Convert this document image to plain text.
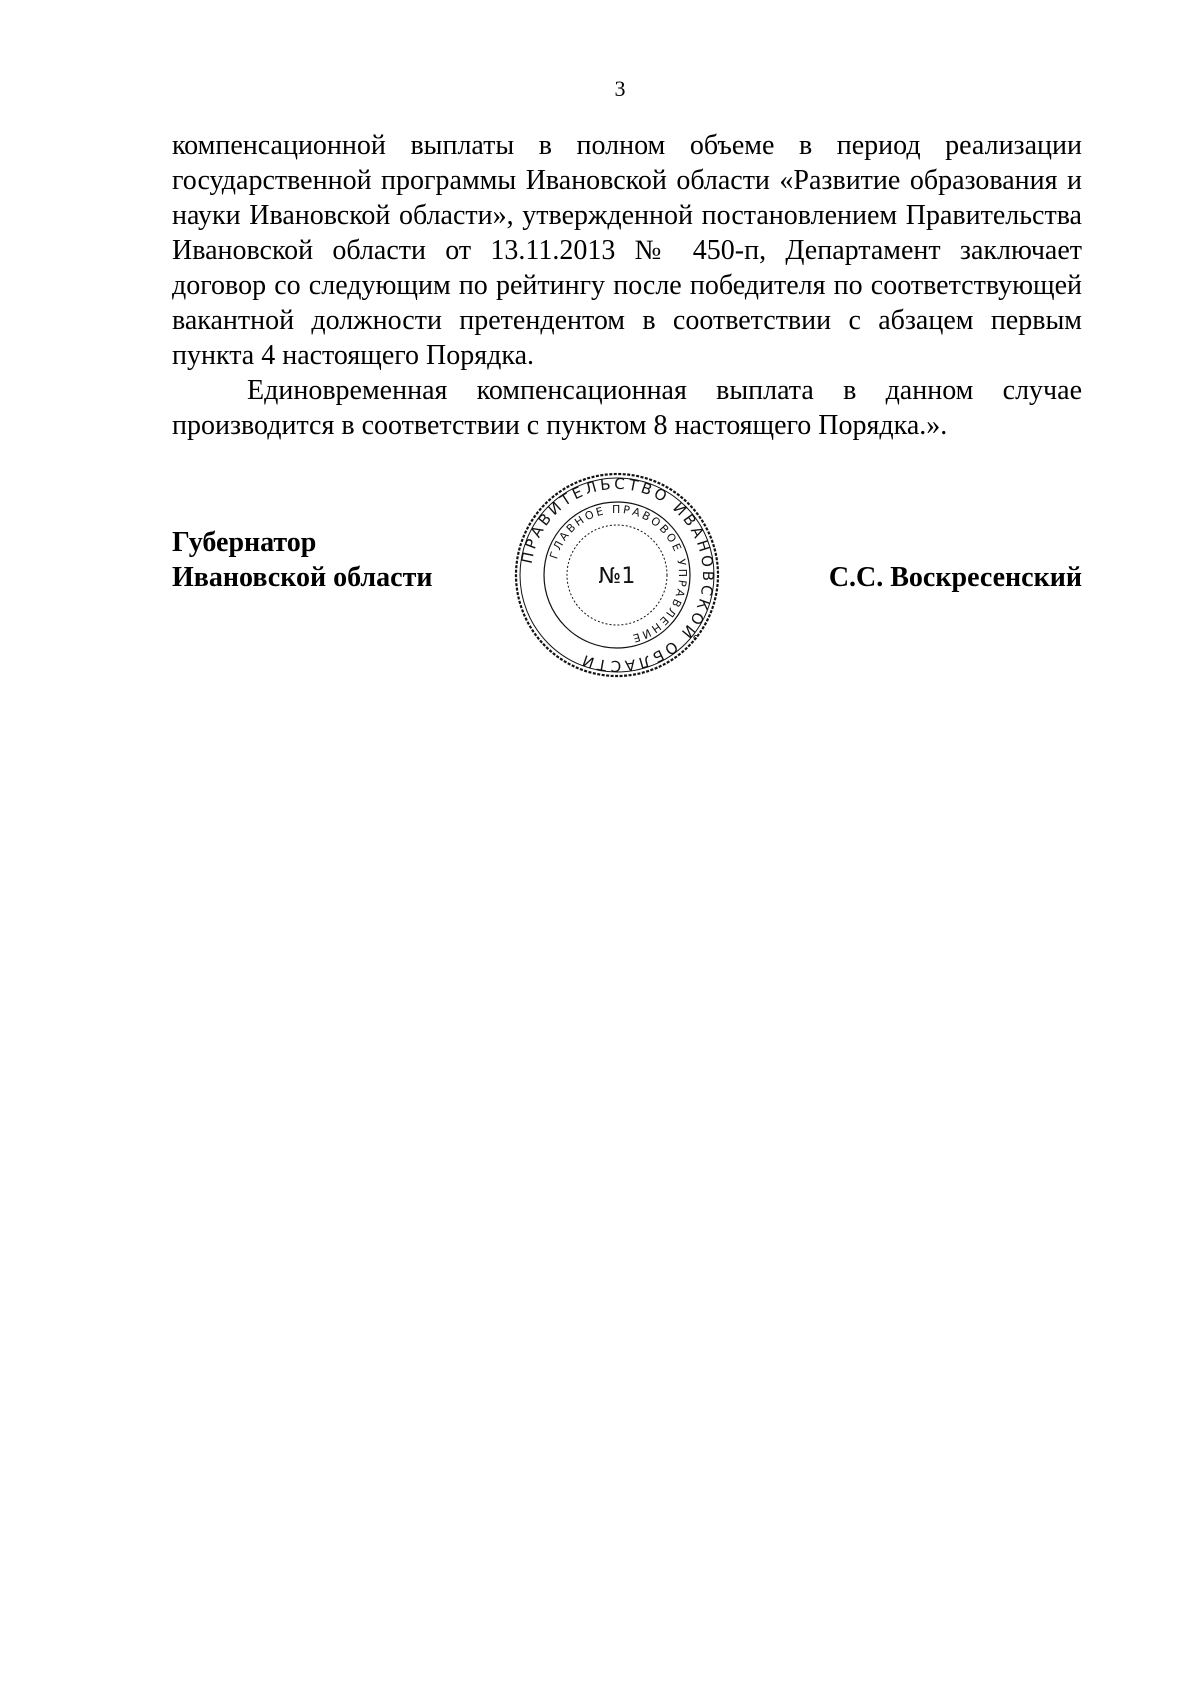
3

компенсационной выплаты в полном объеме в период реализации государственной программы Ивановской области «Развитие образования и науки Ивановской области», утвержденной постановлением Правительства Ивановской области от 13.11.2013 № 450-п, Департамент заключает договор со следующим по рейтингу после победителя по соответствующей вакантной должности претендентом в соответствии с абзацем первым пункта 4 настоящего Порядка.

Единовременная компенсационная выплата в данном случае производится в соответствии с пунктом 8 настоящего Порядка.».

Губернатор
Ивановской области	С.С. Воскресенский
ПРАВИТЕЛЬСТВО ИВАНОВСКОЙ ОБЛАСТИ
ГЛАВНОЕ ПРАВОВОЕ УПРАВЛЕНИЕ
№1
